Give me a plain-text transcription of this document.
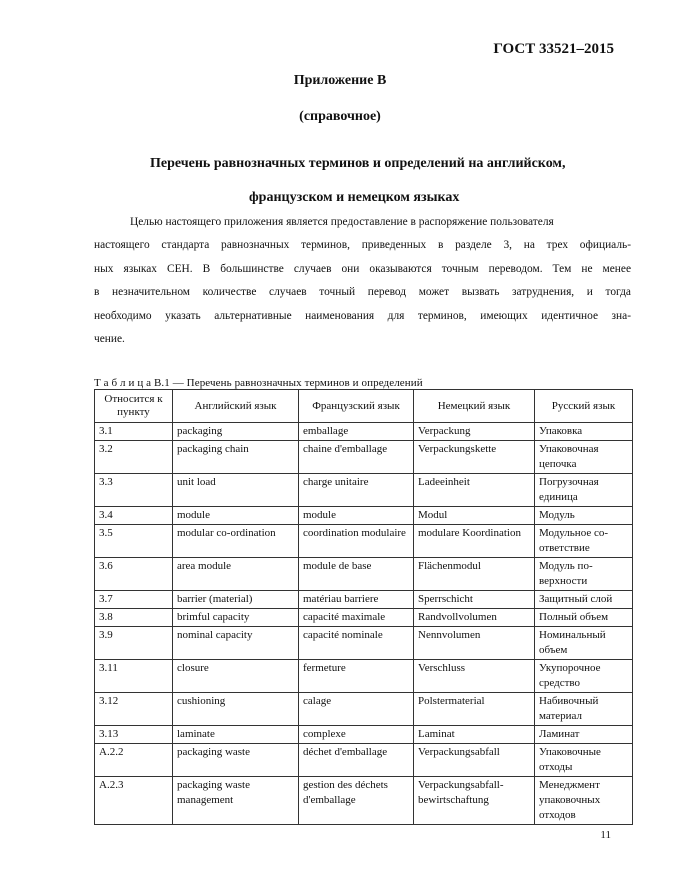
ГОСТ 33521–2015
Приложение В
(справочное)
Перечень равнозначных терминов и определений на английском,
французском и немецком языках
Целью настоящего приложения является предоставление в распоряжение пользователя
настоящего стандарта равнозначных терминов, приведенных в разделе 3, на трех официаль-
ных языках CEH. В большинстве случаев они оказываются точным переводом. Тем не менее
в незначительном количестве случаев точный перевод может вызвать затруднения, и тогда
необходимо указать альтернативные наименования для терминов, имеющих идентичное зна-
чение.
Т а б л и ц а В.1 — Перечень равнозначных терминов и определений
Относится к пункту	Английский язык	Французский язык	Немецкий язык	Русский язык
3.1	packaging	emballage	Verpackung	Упаковка
3.2	packaging chain	chaine d'emballage	Verpackungskette	Упаковочная цепочка
3.3	unit load	charge unitaire	Ladeeinheit	Погрузочная единица
3.4	module	module	Modul	Модуль
3.5	modular co-ordination	coordination modulaire	modulare Koordination	Модульное со-ответствие
3.6	area module	module de base	Flächenmodul	Модуль по-верхности
3.7	barrier (material)	matériau barriere	Sperrschicht	Защитный слой
3.8	brimful capacity	capacité maximale	Randvollvolumen	Полный объем
3.9	nominal capacity	capacité nominale	Nennvolumen	Номинальный объем
3.11	closure	fermeture	Verschluss	Укупорочное средство
3.12	cushioning	calage	Polstermaterial	Набивочный материал
3.13	laminate	complexe	Laminat	Ламинат
A.2.2	packaging waste	déchet d'emballage	Verpackungsabfall	Упаковочные отходы
A.2.3	packaging waste management	gestion des déchets d'emballage	Verpackungsabfall-bewirtschaftung	Менеджмент упаковочных отходов
11
